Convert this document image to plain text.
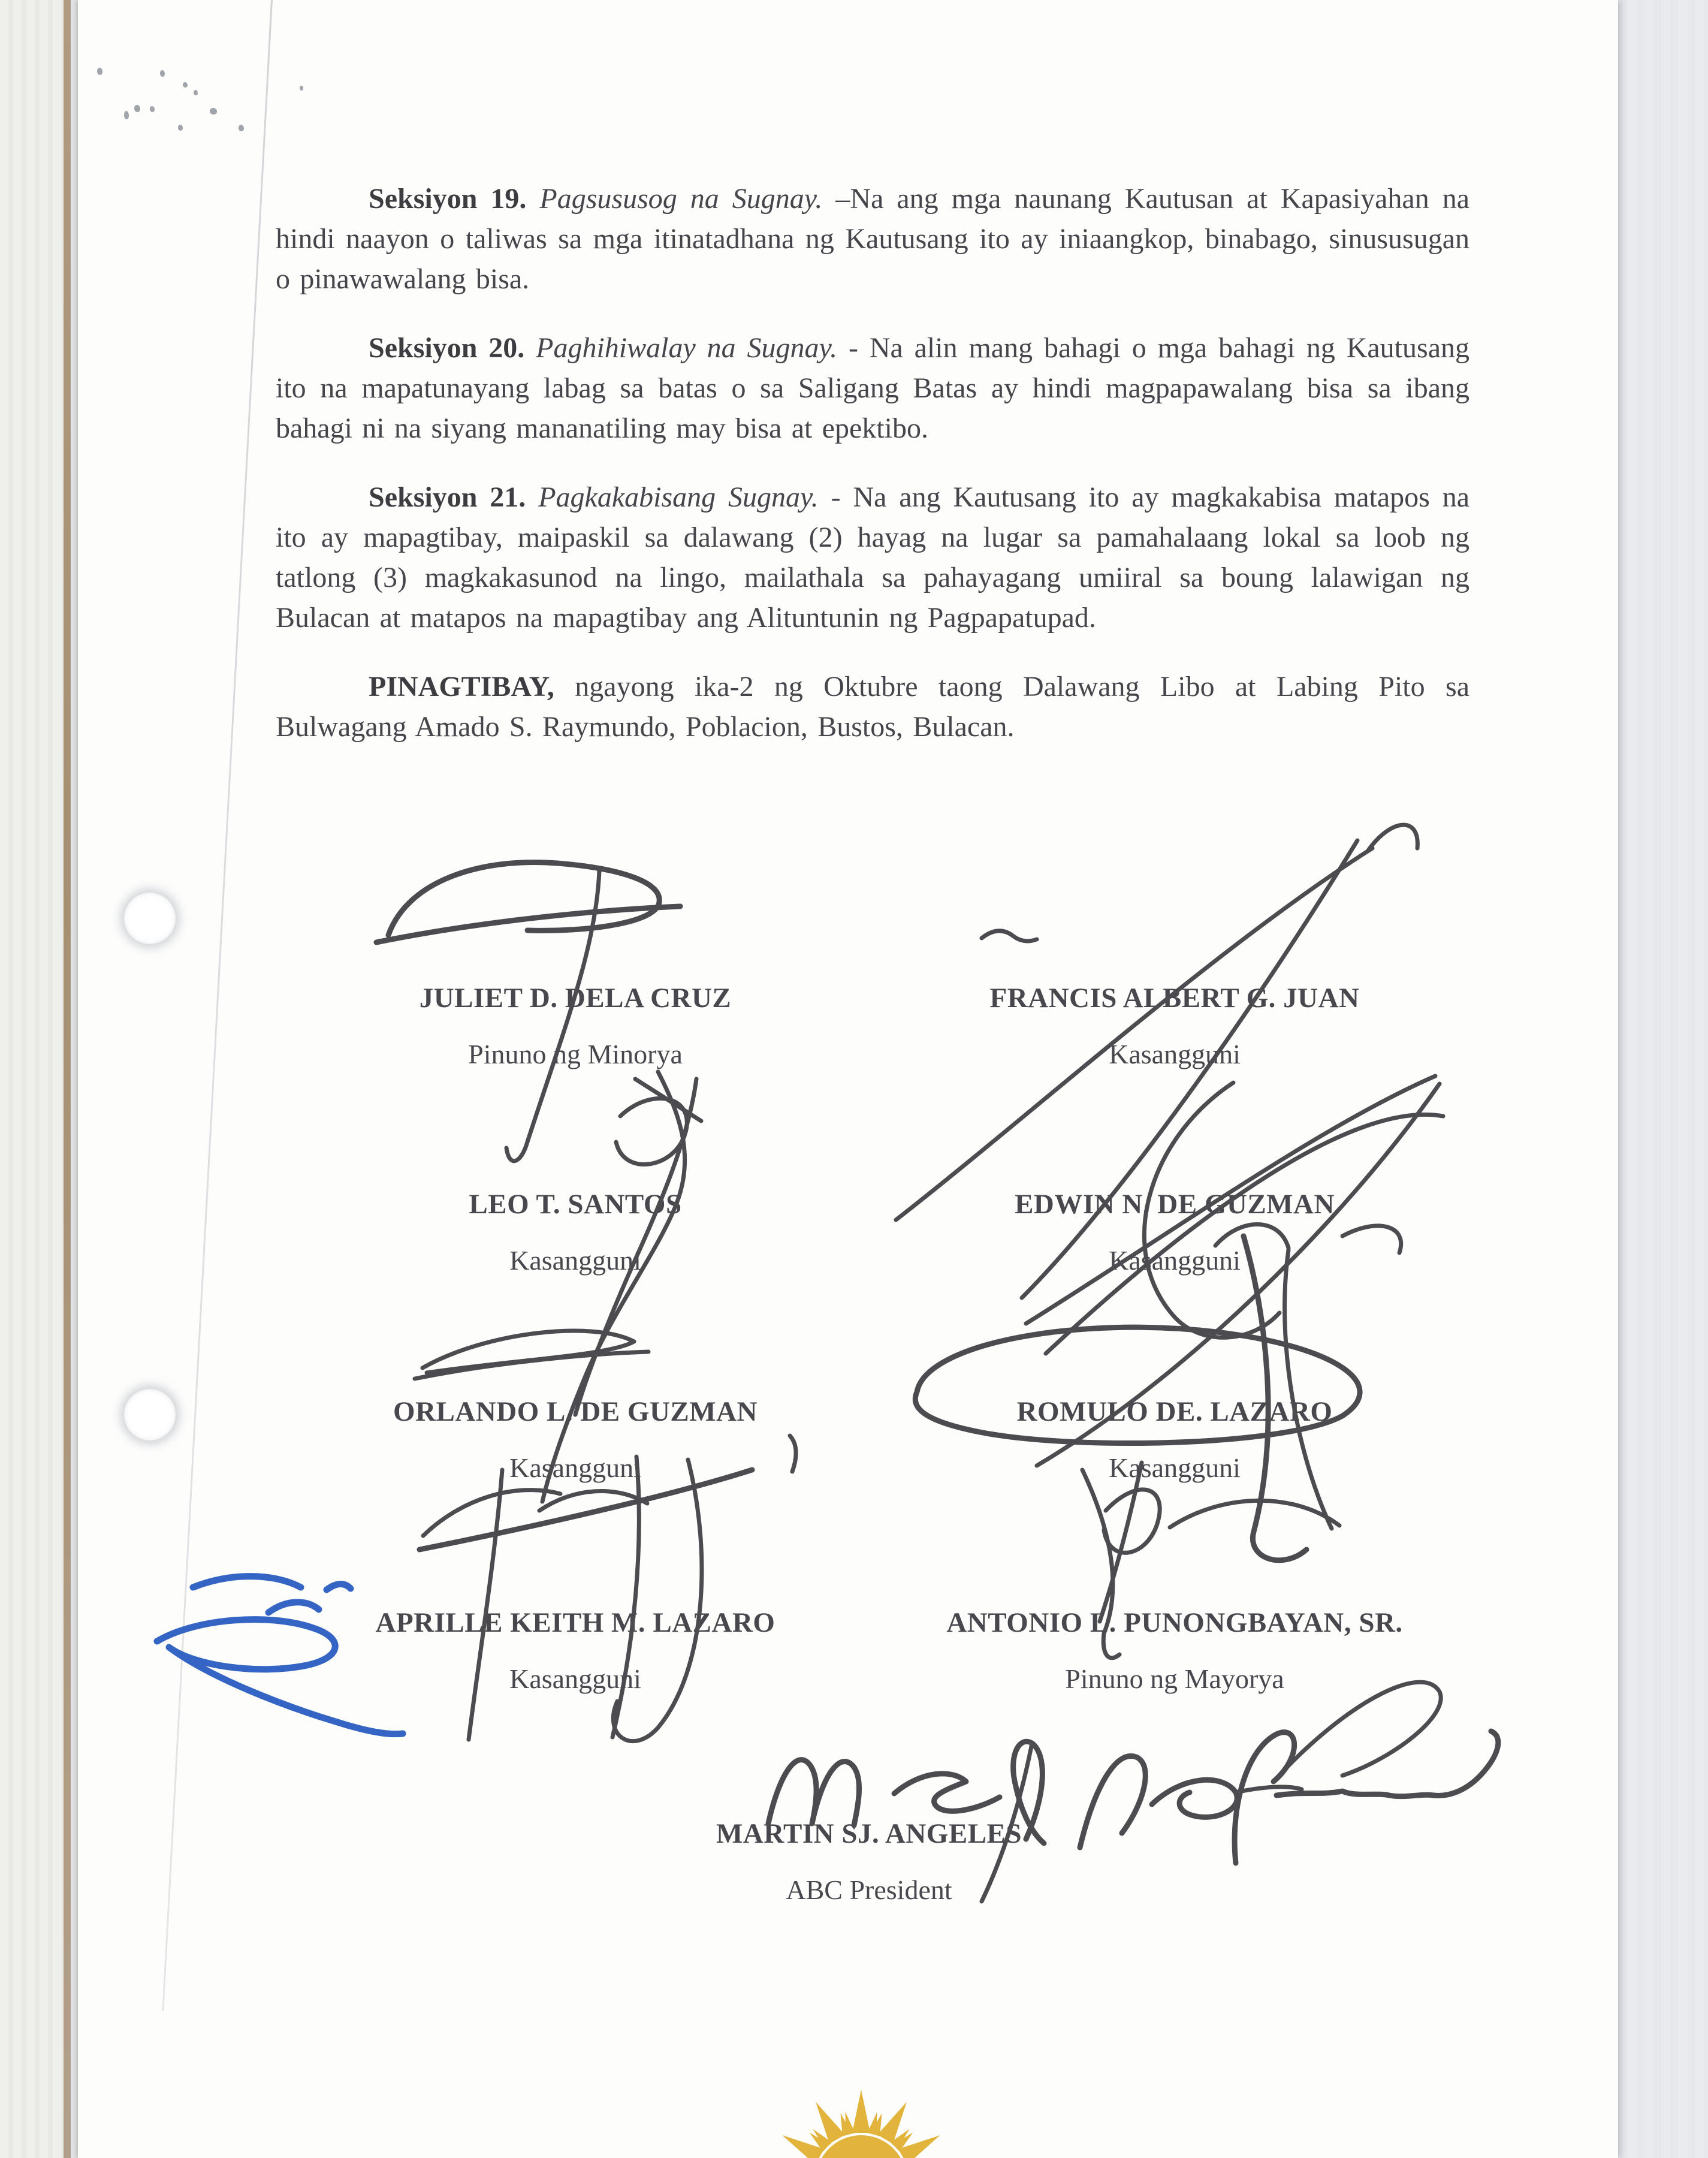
Seksiyon 19. Pagsususog na Sugnay. –Na ang mga naunang Kautusan at Kapasiyahan na hindi naayon o taliwas sa mga itinatadhana ng Kautusang ito ay iniaangkop, binabago, sinususugan o pinawawalang bisa.

Seksiyon 20. Paghihiwalay na Sugnay. - Na alin mang bahagi o mga bahagi ng Kautusang ito na mapatunayang labag sa batas o sa Saligang Batas ay hindi magpapawalang bisa sa ibang bahagi ni na siyang mananatiling may bisa at epektibo.

Seksiyon 21. Pagkakabisang Sugnay. - Na ang Kautusang ito ay magkakabisa matapos na ito ay mapagtibay, maipaskil sa dalawang (2) hayag na lugar sa pamahalaang lokal sa loob ng tatlong (3) magkakasunod na lingo, mailathala sa pahayagang umiiral sa boung lalawigan ng Bulacan at matapos na mapagtibay ang Alituntunin ng Pagpapatupad.

PINAGTIBAY, ngayong ika-2 ng Oktubre taong Dalawang Libo at Labing Pito sa Bulwagang Amado S. Raymundo, Poblacion, Bustos, Bulacan.

JULIET D. DELA CRUZ
Pinuno ng Minorya
FRANCIS ALBERT G. JUAN
Kasangguni
LEO T. SANTOS
Kasangguni
EDWIN N. DE GUZMAN
Kasangguni
ORLANDO L. DE GUZMAN
Kasangguni
ROMULO DE. LAZARO
Kasangguni
APRILLE KEITH M. LAZARO
Kasangguni
ANTONIO L. PUNONGBAYAN, SR.
Pinuno ng Mayorya
MARTIN SJ. ANGELES
ABC President
